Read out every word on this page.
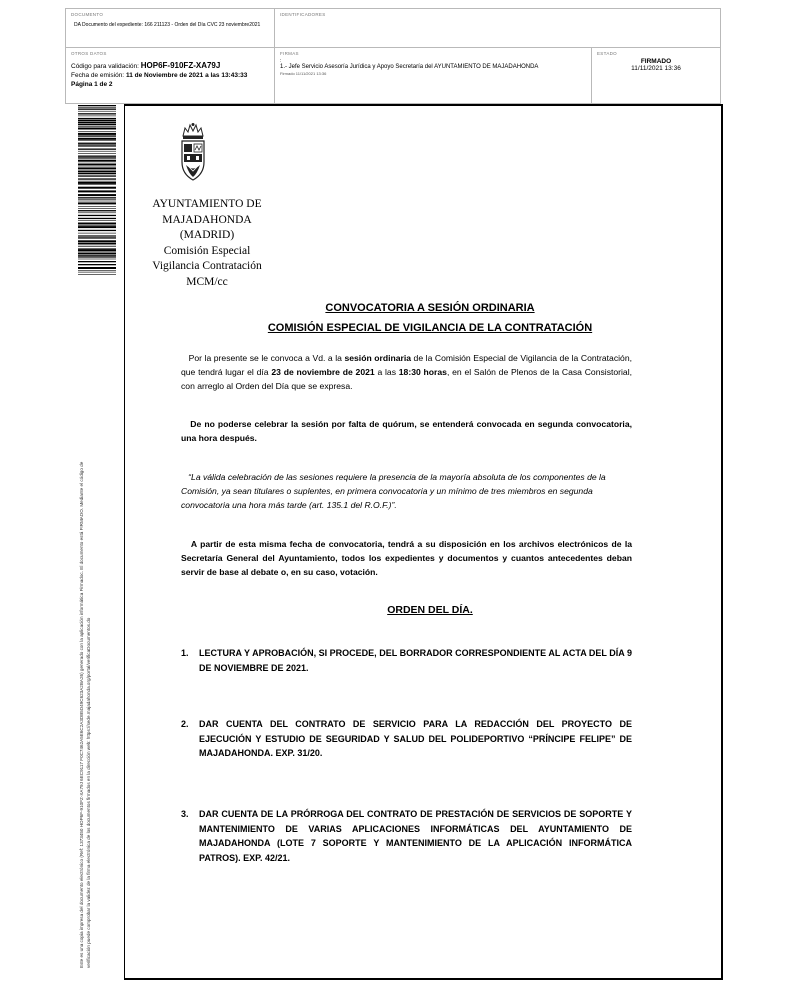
DOCUMENTO
DA Documento del expediente: 166 211123 - Orden del Día CVC 23 noviembre2021
IDENTIFICADORES
OTROS DATOS
Código para validación: HOP6F-910FZ-XA79J
Fecha de emisión: 11 de Noviembre de 2021 a las 13:43:33
Página 1 de 2
FIRMAS
:
1.- Jefe Servicio Asesoría Jurídica y Apoyo Secretaría del AYUNTAMIENTO DE MAJADAHONDA
Firmado 11/11/2021 13:36
ESTADO
FIRMADO
11/11/2021 13:36
Este es una copia impresa del documento electrónico (Ref: 1373450 HOP6F-910FZ-XA79J 6EC9117 F0C7462A5E6C2A3DB5D49C623A2BA26) generado con la aplicación informática Firmadoc. El documento está FIRMADO. Mediante el código de verificación puede comprobar la validez de la firma electrónica de los documentos firmados en la dirección web: https://sede.majadahonda.org/portal/verificaDocumentos.do
AYUNTAMIENTO DE
MAJADAHONDA
(MADRID)
Comisión Especial
Vigilancia Contratación
MCM/cc
CONVOCATORIA A SESIÓN ORDINARIA
COMISIÓN ESPECIAL DE VIGILANCIA DE LA CONTRATACIÓN
Por la presente se le convoca a Vd. a la sesión ordinaria de la Comisión Especial de Vigilancia de la Contratación, que tendrá lugar el día 23 de noviembre de 2021 a las 18:30 horas, en el Salón de Plenos de la Casa Consistorial, con arreglo al Orden del Día que se expresa.
De no poderse celebrar la sesión por falta de quórum, se entenderá convocada en segunda convocatoria, una hora después.
“La válida celebración de las sesiones requiere la presencia de la mayoría absoluta de los componentes de la Comisión, ya sean titulares o suplentes, en primera convocatoria y un mínimo de tres miembros en segunda convocatoria una hora más tarde (art. 135.1 del R.O.F.)”.
A partir de esta misma fecha de convocatoria, tendrá a su disposición en los archivos electrónicos de la Secretaría General del Ayuntamiento, todos los expedientes y documentos y cuantos antecedentes deban servir de base al debate o, en su caso, votación.
ORDEN DEL DÍA.
1.	LECTURA Y APROBACIÓN, SI PROCEDE, DEL BORRADOR CORRESPONDIENTE AL ACTA DEL DÍA 9 DE NOVIEMBRE DE 2021.
2.	DAR CUENTA DEL CONTRATO DE SERVICIO PARA LA REDACCIÓN DEL PROYECTO DE EJECUCIÓN Y ESTUDIO DE SEGURIDAD Y SALUD DEL POLIDEPORTIVO “PRÍNCIPE FELIPE” DE MAJADAHONDA. EXP. 31/20.
3.	DAR CUENTA DE LA PRÓRROGA DEL CONTRATO DE PRESTACIÓN DE SERVICIOS DE SOPORTE Y MANTENIMIENTO DE VARIAS APLICACIONES INFORMÁTICAS DEL AYUNTAMIENTO DE MAJADAHONDA (LOTE 7 SOPORTE Y MANTENIMIENTO DE LA APLICACIÓN INFORMÁTICA PATROS). EXP. 42/21.
